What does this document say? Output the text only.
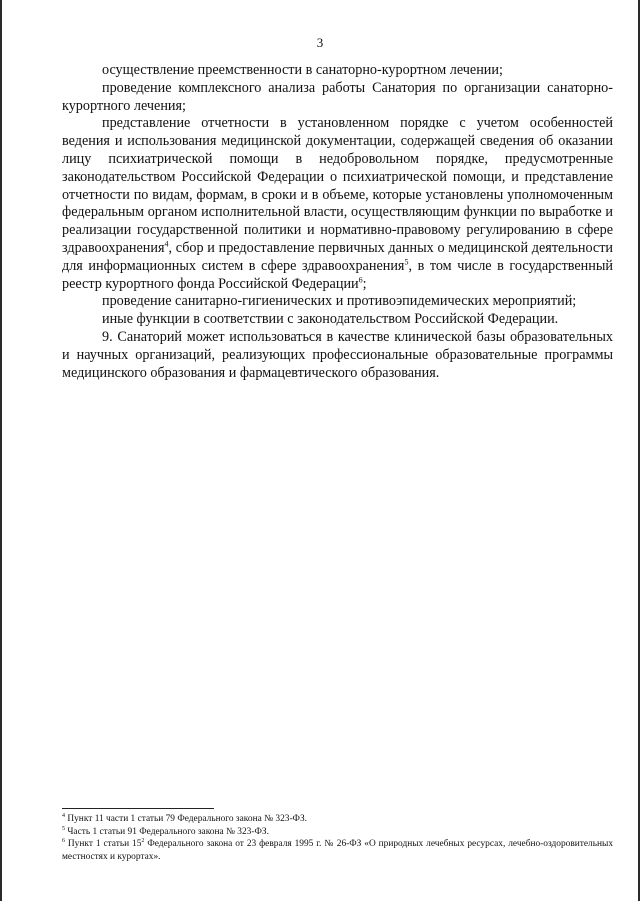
3

осуществление преемственности в санаторно-курортном лечении;

проведение комплексного анализа работы Санатория по организации санаторно-курортного лечения;

представление отчетности в установленном порядке с учетом особенностей ведения и использования медицинской документации, содержащей сведения об оказании лицу психиатрической помощи в недобровольном порядке, предусмотренные законодательством Российской Федерации о психиатрической помощи, и представление отчетности по видам, формам, в сроки и в объеме, которые установлены уполномоченным федеральным органом исполнительной власти, осуществляющим функции по выработке и реализации государственной политики и нормативно-правовому регулированию в сфере здравоохранения$^4$, сбор и предоставление первичных данных о медицинской деятельности для информационных систем в сфере здравоохранения$^5$, в том числе в государственный реестр курортного фонда Российской Федерации$^6$;

проведение санитарно-гигиенических и противоэпидемических мероприятий;

иные функции в соответствии с законодательством Российской Федерации.

9. Санаторий может использоваться в качестве клинической базы образовательных и научных организаций, реализующих профессиональные образовательные программы медицинского образования и фармацевтического образования.

$^4$ Пункт 11 части 1 статьи 79 Федерального закона № 323-ФЗ.

$^5$ Часть 1 статьи 91 Федерального закона № 323-ФЗ.

$^6$ Пункт 1 статьи $15^2$ Федерального закона от 23 февраля 1995 г. № 26-ФЗ «О природных лечебных ресурсах, лечебно-оздоровительных местностях и курортах».
